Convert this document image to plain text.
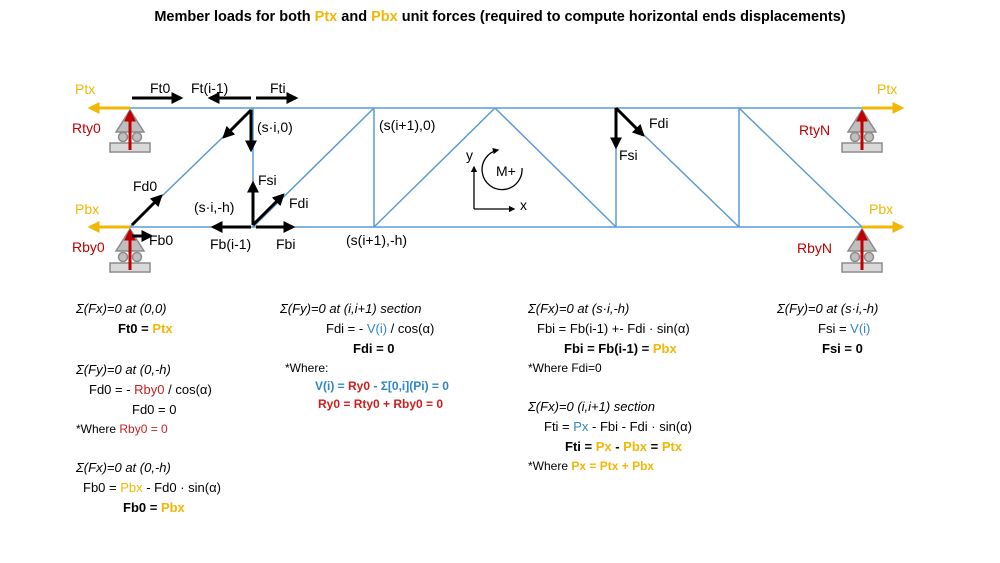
Member loads for both Ptx and Pbx unit forces (required to compute horizontal ends displacements)
Ptx
Pbx
Ptx
Pbx
Rty0
Rby0
RtyN
RbyN
Ft0 Ft(i-1)	Fti
Fd0
Fb0	Fb(i-1) Fbi
Fsi
Fdi
Fdi
Fsi
(s·i,0)	(s(i+1),0)
(s·i,-h)
(s(i+1),-h)
y
x
M+
Σ(Fx)=0 at (0,0)
Ft0 = Ptx
Σ(Fy)=0 at (0,-h)
Fd0 = - Rby0 / cos(α)
Fd0 = 0
*Where Rby0 = 0
Σ(Fx)=0 at (0,-h)
Fb0 = Pbx - Fd0 · sin(α)
Fb0 = Pbx
Σ(Fy)=0 at (i,i+1) section
Fdi = - V(i) / cos(α)
Fdi = 0
*Where:
V(i) = Ry0 - Σ[0,i](Pi) = 0
Ry0 = Rty0 + Rby0 = 0
Σ(Fx)=0 at (s·i,-h)
Fbi = Fb(i-1) +- Fdi · sin(α)
Fbi = Fb(i-1) = Pbx
*Where Fdi=0
Σ(Fx)=0 (i,i+1) section
Fti = Px - Fbi - Fdi · sin(α)
Fti = Px - Pbx = Ptx
*Where Px = Ptx + Pbx
Σ(Fy)=0 at (s·i,-h)
Fsi = V(i)
Fsi = 0
